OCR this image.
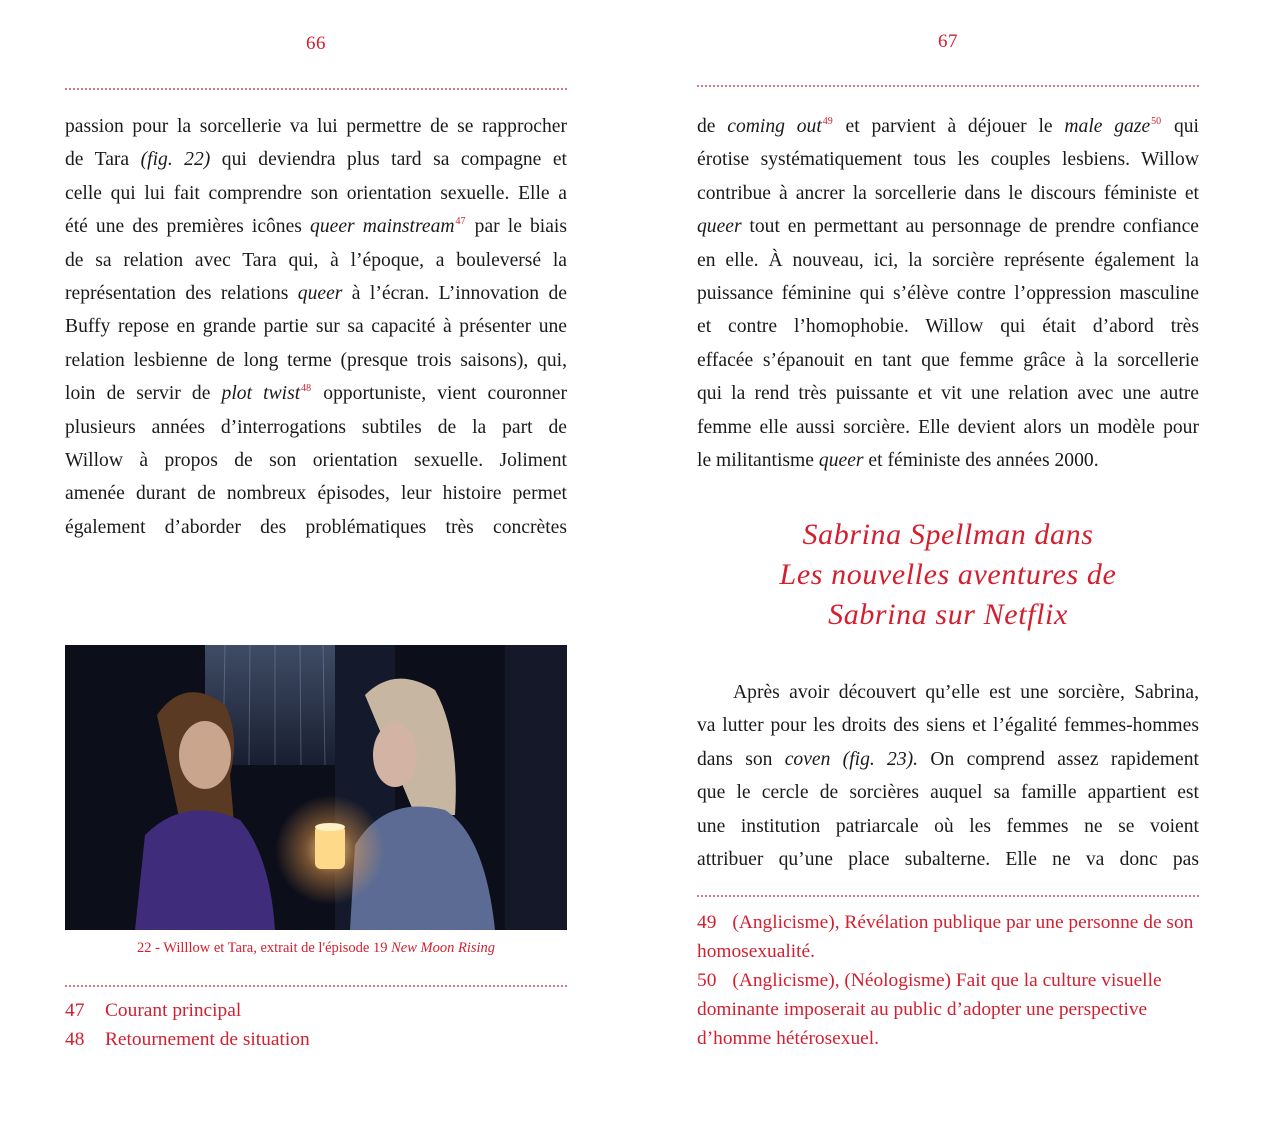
66
passion pour la sorcellerie va lui permettre de se rapprocher
de Tara (fig. 22) qui deviendra plus tard sa compagne et
celle qui lui fait comprendre son orientation sexuelle. Elle a
été une des premières icônes queer mainstream$^{47}$ par le biais
de sa relation avec Tara qui, à l’époque, a bouleversé la
représentation des relations queer à l’écran. L’innovation de
Buffy repose en grande partie sur sa capacité à présenter une
relation lesbienne de long terme (presque trois saisons), qui,
loin de servir de plot twist$^{48}$ opportuniste, vient couronner
plusieurs années d’interrogations subtiles de la part de
Willow à propos de son orientation sexuelle. Joliment
amenée durant de nombreux épisodes, leur histoire permet
également d’aborder des problématiques très concrètes
22 - Willlow et Tara, extrait de l'épisode 19 New Moon Rising
47	Courant principal
48	Retournement de situation
67
de coming out$^{49}$ et parvient à déjouer le male gaze$^{50}$ qui
érotise systématiquement tous les couples lesbiens. Willow
contribue à ancrer la sorcellerie dans le discours féministe et
queer tout en permettant au personnage de prendre confiance
en elle. À nouveau, ici, la sorcière représente également la
puissance féminine qui s’élève contre l’oppression masculine
et contre l’homophobie. Willow qui était d’abord très
effacée s’épanouit en tant que femme grâce à la sorcellerie
qui la rend très puissante et vit une relation avec une autre
femme elle aussi sorcière. Elle devient alors un modèle pour
le militantisme queer et féministe des années 2000.
Sabrina Spellman dans
Les nouvelles aventures de
Sabrina sur Netflix
Après avoir découvert qu’elle est une sorcière, Sabrina,
va lutter pour les droits des siens et l’égalité femmes-hommes
dans son coven (fig. 23). On comprend assez rapidement
que le cercle de sorcières auquel sa famille appartient est
une institution patriarcale où les femmes ne se voient
attribuer qu’une place subalterne. Elle ne va donc pas
49 (Anglicisme), Révélation publique par une personne de son homosexualité.
50 (Anglicisme), (Néologisme) Fait que la culture visuelle dominante imposerait au public d’adopter une perspective d’homme hétérosexuel.
